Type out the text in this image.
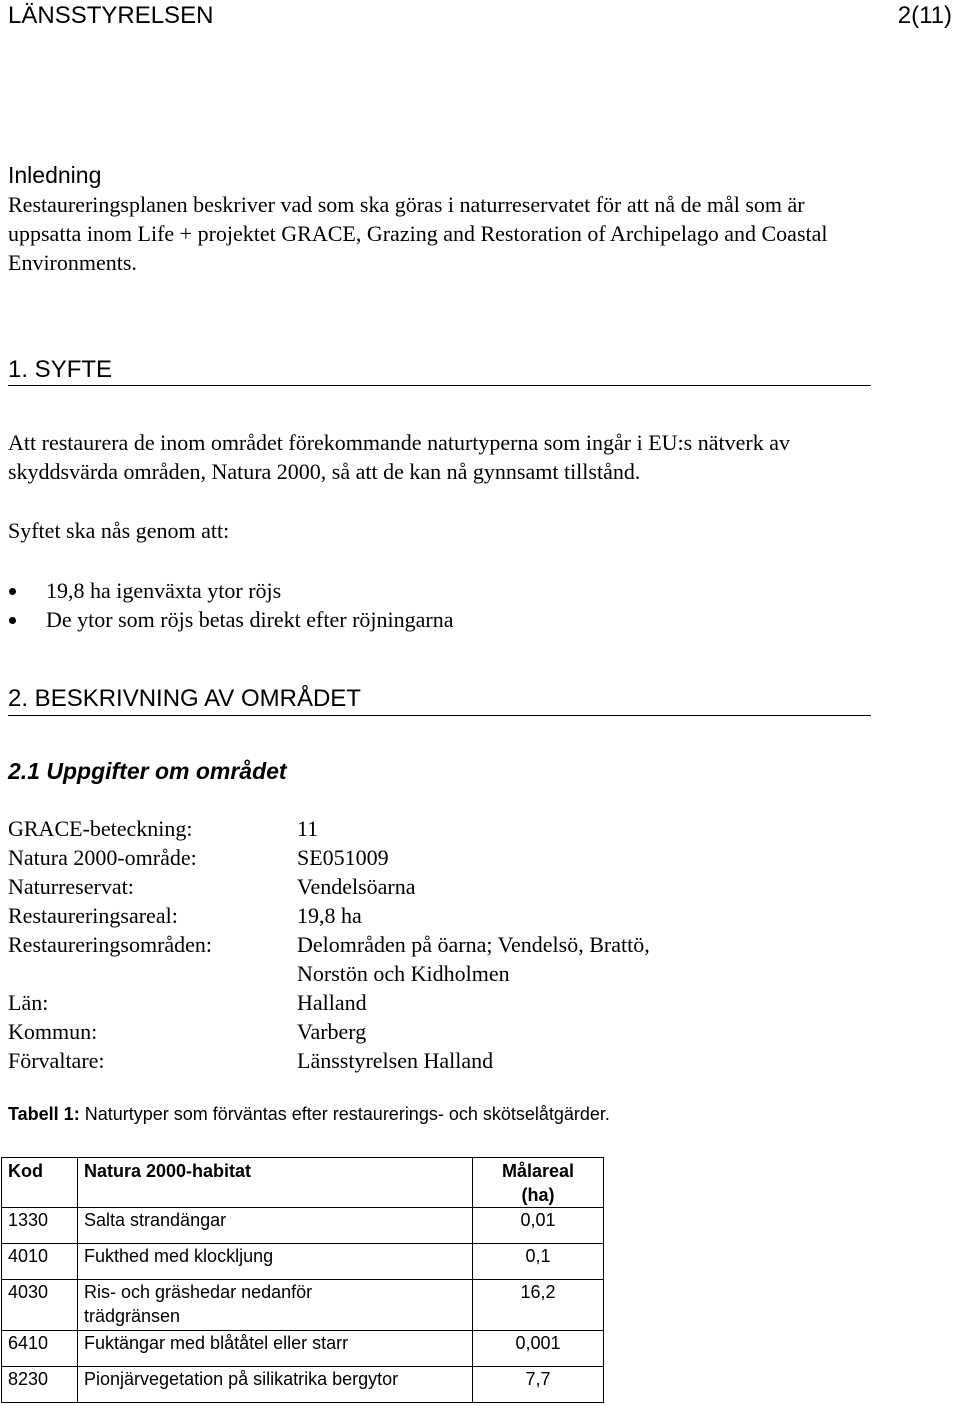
LÄNSSTYRELSEN	2(11)
Inledning
Restaureringsplanen beskriver vad som ska göras i naturreservatet för att nå de mål som är
uppsatta inom Life + projektet GRACE, Grazing and Restoration of Archipelago and Coastal
Environments.
1. SYFTE
Att restaurera de inom området förekommande naturtyperna som ingår i EU:s nätverk av
skyddsvärda områden, Natura 2000, så att de kan nå gynnsamt tillstånd.
Syftet ska nås genom att:
19,8 ha igenväxta ytor röjs
De ytor som röjs betas direkt efter röjningarna
2. BESKRIVNING AV OMRÅDET
2.1 Uppgifter om området
GRACE-beteckning:	11
Natura 2000-område:	SE051009
Naturreservat:	Vendelsöarna
Restaureringsareal:	19,8 ha
Restaureringsområden:	Delområden på öarna; Vendelsö, Brattö,
Norstön och Kidholmen
Län:	Halland
Kommun:	Varberg
Förvaltare:	Länsstyrelsen Halland
Tabell 1: Naturtyper som förväntas efter restaurerings- och skötselåtgärder.
Kod	Natura 2000-habitat	Målareal
(ha)
1330	Salta strandängar	0,01
4010	Fukthed med klockljung	0,1
4030	Ris- och gräshedar nedanför
trädgränsen	16,2
6410	Fuktängar med blåtåtel eller starr	0,001
8230	Pionjärvegetation på silikatrika bergytor	7,7
